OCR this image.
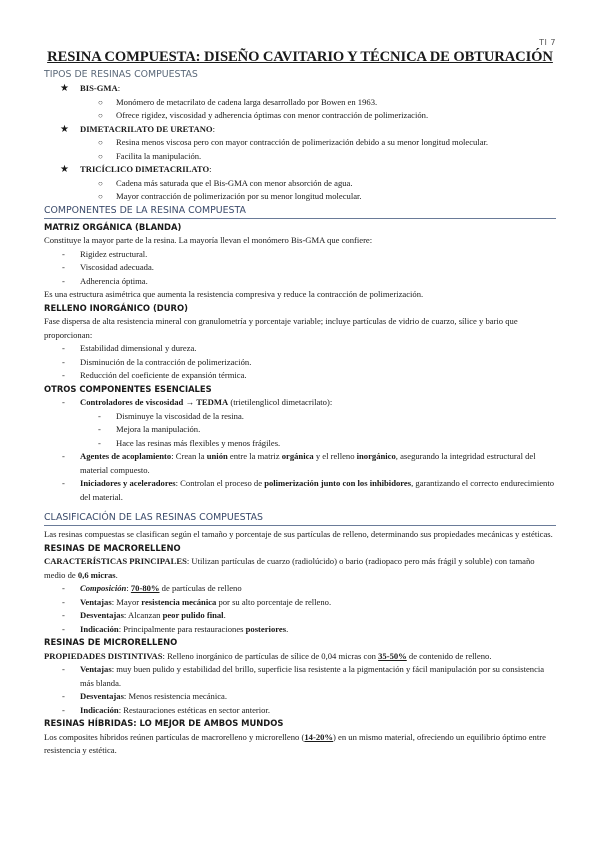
TI 7
RESINA COMPUESTA: DISEÑO CAVITARIO Y TÉCNICA DE OBTURACIÓN
TIPOS DE RESINAS COMPUESTAS
★ BIS-GMA:
○ Monómero de metacrilato de cadena larga desarrollado por Bowen en 1963.
○ Ofrece rigidez, viscosidad y adherencia óptimas con menor contracción de polimerización.
★ DIMETACRILATO DE URETANO:
○ Resina menos viscosa pero con mayor contracción de polimerización debido a su menor longitud molecular.
○ Facilita la manipulación.
★ TRICÍCLICO DIMETACRILATO:
○ Cadena más saturada que el Bis-GMA con menor absorción de agua.
○ Mayor contracción de polimerización por su menor longitud molecular.
COMPONENTES DE LA RESINA COMPUESTA
MATRIZ ORGÁNICA (BLANDA)

Constituye la mayor parte de la resina. La mayoría llevan el monómero Bis-GMA que confiere:

- Rigidez estructural.
- Viscosidad adecuada.
- Adherencia óptima.

Es una estructura asimétrica que aumenta la resistencia compresiva y reduce la contracción de polimerización.

RELLENO INORGÁNICO (DURO)

Fase dispersa de alta resistencia mineral con granulometría y porcentaje variable; incluye partículas de vidrio de cuarzo, sílice y bario que proporcionan:

- Estabilidad dimensional y dureza.
- Disminución de la contracción de polimerización.
- Reducción del coeficiente de expansión térmica.
OTROS COMPONENTES ESENCIALES
- Controladores de viscosidad → TEDMA (trietilenglicol dimetacrilato):
- Disminuye la viscosidad de la resina.
- Mejora la manipulación.
- Hace las resinas más flexibles y menos frágiles.
- Agentes de acoplamiento: Crean la unión entre la matriz orgánica y el relleno inorgánico, asegurando la integridad estructural del material compuesto.
- Iniciadores y aceleradores: Controlan el proceso de polimerización junto con los inhibidores, garantizando el correcto endurecimiento del material.
CLASIFICACIÓN DE LAS RESINAS COMPUESTAS

Las resinas compuestas se clasifican según el tamaño y porcentaje de sus partículas de relleno, determinando sus propiedades mecánicas y estéticas.

RESINAS DE MACRORELLENO

CARACTERÍSTICAS PRINCIPALES: Utilizan partículas de cuarzo (radiolúcido) o bario (radiopaco pero más frágil y soluble) con tamaño medio de 0,6 micras.

- Composición: 70-80% de partículas de relleno
- Ventajas: Mayor resistencia mecánica por su alto porcentaje de relleno.
- Desventajas: Alcanzan peor pulido final.
- Indicación: Principalmente para restauraciones posteriores.
RESINAS DE MICRORELLENO

PROPIEDADES DISTINTIVAS: Relleno inorgánico de partículas de sílice de 0,04 micras con 35-50% de contenido de relleno.

- Ventajas: muy buen pulido y estabilidad del brillo, superficie lisa resistente a la pigmentación y fácil manipulación por su consistencia más blanda.
- Desventajas: Menos resistencia mecánica.
- Indicación: Restauraciones estéticas en sector anterior.
RESINAS HÍBRIDAS: LO MEJOR DE AMBOS MUNDOS

Los composites híbridos reúnen partículas de macrorelleno y microrelleno (14-20%) en un mismo material, ofreciendo un equilibrio óptimo entre resistencia y estética.
